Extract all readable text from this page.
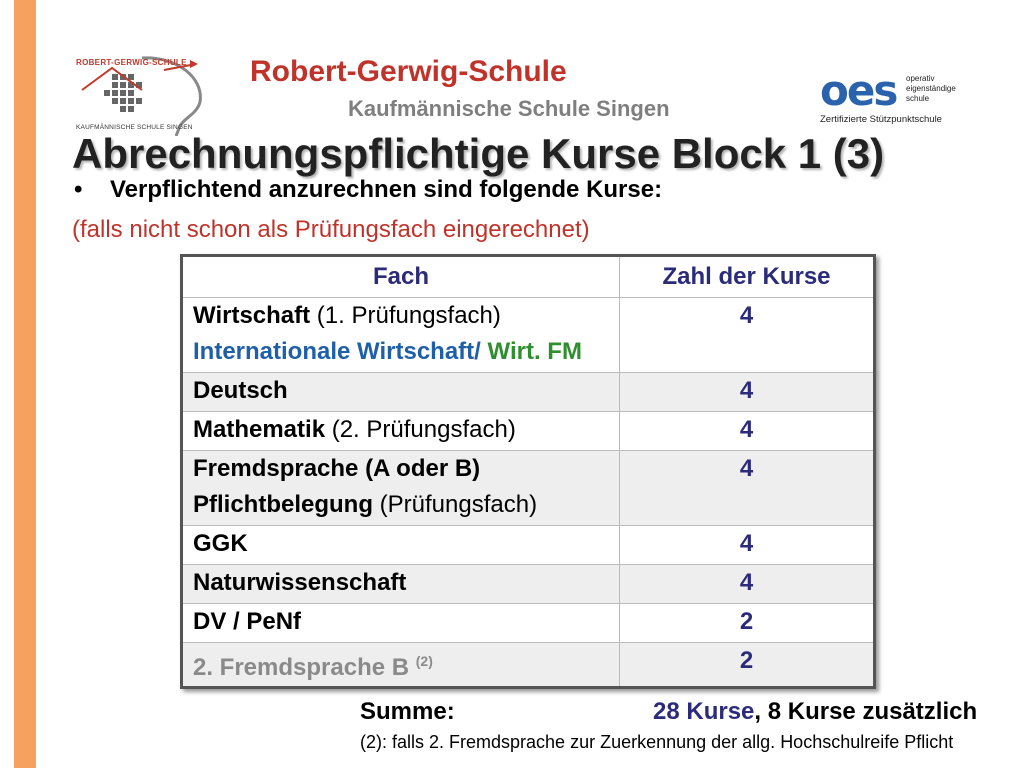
ROBERT-GERWIG-SCHULE
KAUFMÄNNISCHE SCHULE SINGEN
Robert-Gerwig-Schule
Kaufmännische Schule Singen	oes operativ
eigenständige
schule
Zertifizierte Stützpunktschule
Abrechnungspflichtige Kurse Block 1 (3)
• Verpflichtend anzurechnen sind folgende Kurse:
(falls nicht schon als Prüfungsfach eingerechnet)
Fach	Zahl der Kurse

Wirtschaft (1. Prüfungsfach)
Internationale Wirtschaft/ Wirt. FM	4

Deutsch	4

Mathematik (2. Prüfungsfach)	4

Fremdsprache (A oder B)
Pflichtbelegung (Prüfungsfach)	4

GGK	4

Naturwissenschaft	4

DV / PeNf	2

2. Fremdsprache B $^{(2)}$	2
Summe:	28 Kurse, 8 Kurse zusätzlich
(2): falls 2. Fremdsprache zur Zuerkennung der allg. Hochschulreife Pflicht
